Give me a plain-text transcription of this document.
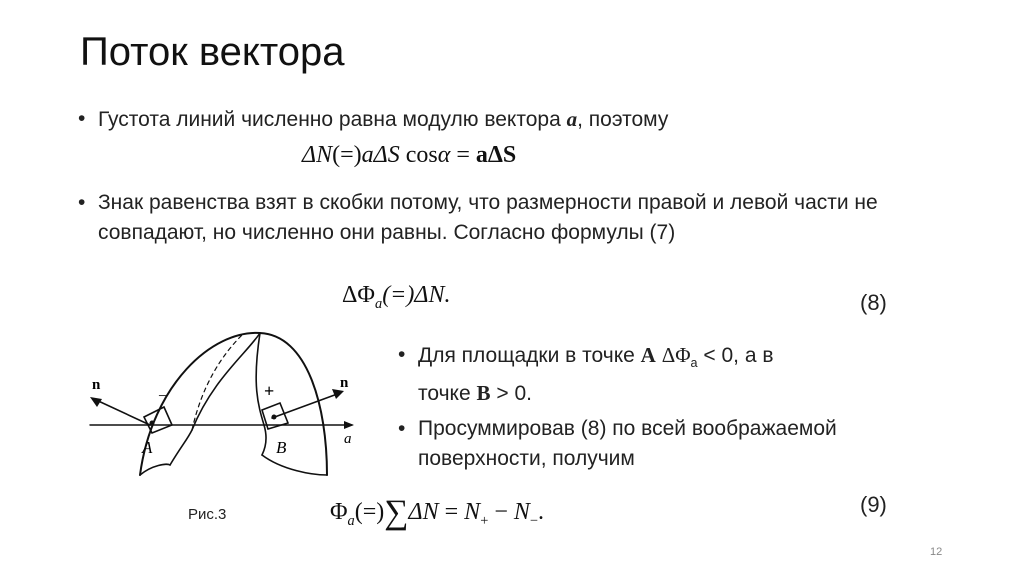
Поток вектора
• Густота линий численно равна модулю вектора a, поэтому
ΔN(=)aΔS cosα = aΔS
• Знак равенства взят в скобки потому, что размерности правой и левой части не совпадают, но численно они равны. Согласно формулы (7)
$\Delta\Phi_a(=)\Delta N$.	(8)
n	n
−	+
A	B	a
Рис.3
• Для площадки в точке A $\Delta\Phi_a < 0$, а в
точке B > 0.
• Просуммировав (8) по всей воображаемой поверхности, получим
$\Phi_a(=)\sum\Delta N = N_+ - N_-$.	(9)
12
